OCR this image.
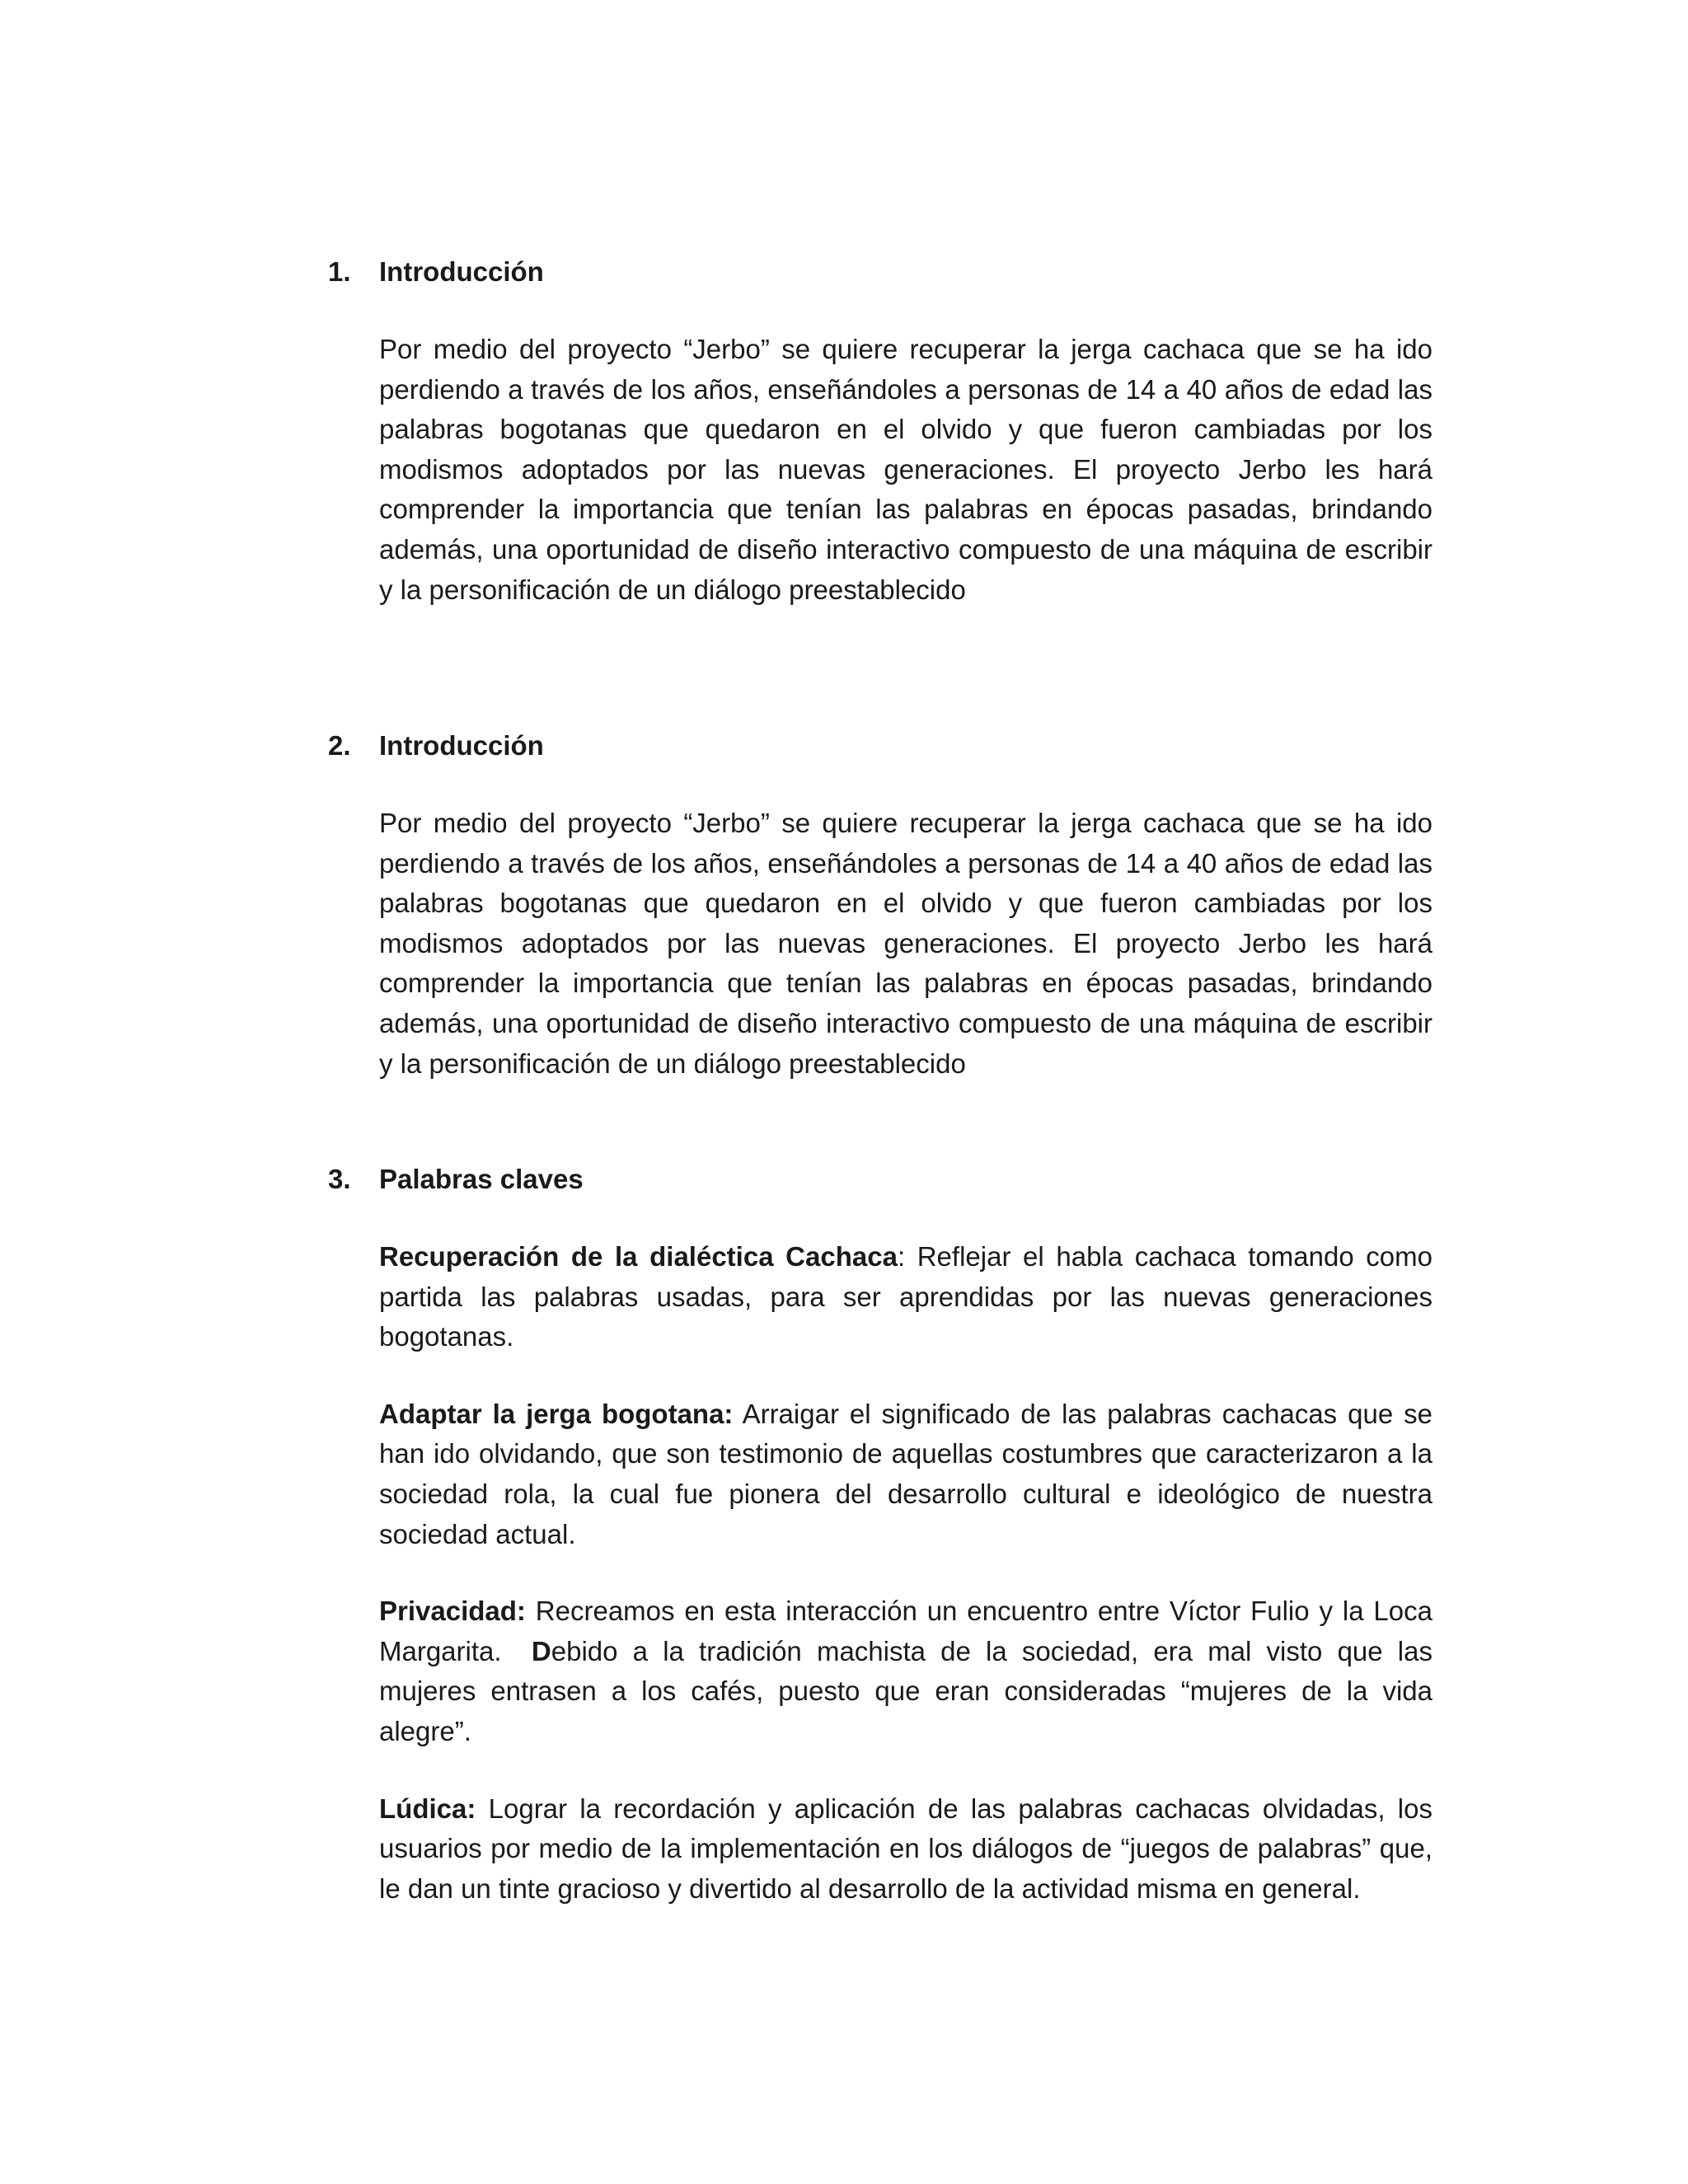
1. Introducción

Por medio del proyecto “Jerbo” se quiere recuperar la jerga cachaca que se ha ido perdiendo a través de los años, enseñándoles a personas de 14 a 40 años de edad las palabras bogotanas que quedaron en el olvido y que fueron cambiadas por los modismos adoptados por las nuevas generaciones. El proyecto Jerbo les hará comprender la importancia que tenían las palabras en épocas pasadas, brindando además, una oportunidad de diseño interactivo compuesto de una máquina de escribir y la personificación de un diálogo preestablecido

2. Introducción

Por medio del proyecto “Jerbo” se quiere recuperar la jerga cachaca que se ha ido perdiendo a través de los años, enseñándoles a personas de 14 a 40 años de edad las palabras bogotanas que quedaron en el olvido y que fueron cambiadas por los modismos adoptados por las nuevas generaciones. El proyecto Jerbo les hará comprender la importancia que tenían las palabras en épocas pasadas, brindando además, una oportunidad de diseño interactivo compuesto de una máquina de escribir y la personificación de un diálogo preestablecido

3. Palabras claves

Recuperación de la dialéctica Cachaca: Reflejar el habla cachaca tomando como partida las palabras usadas, para ser aprendidas por las nuevas generaciones bogotanas.

Adaptar la jerga bogotana: Arraigar el significado de las palabras cachacas que se han ido olvidando, que son testimonio de aquellas costumbres que caracterizaron a la sociedad rola, la cual fue pionera del desarrollo cultural e ideológico de nuestra sociedad actual.

Privacidad: Recreamos en esta interacción un encuentro entre Víctor Fulio y la Loca Margarita.  Debido a la tradición machista de la sociedad, era mal visto que las mujeres entrasen a los cafés, puesto que eran consideradas “mujeres de la vida alegre”.

Lúdica: Lograr la recordación y aplicación de las palabras cachacas olvidadas, los usuarios por medio de la implementación en los diálogos de “juegos de palabras” que, le dan un tinte gracioso y divertido al desarrollo de la actividad misma en general.
